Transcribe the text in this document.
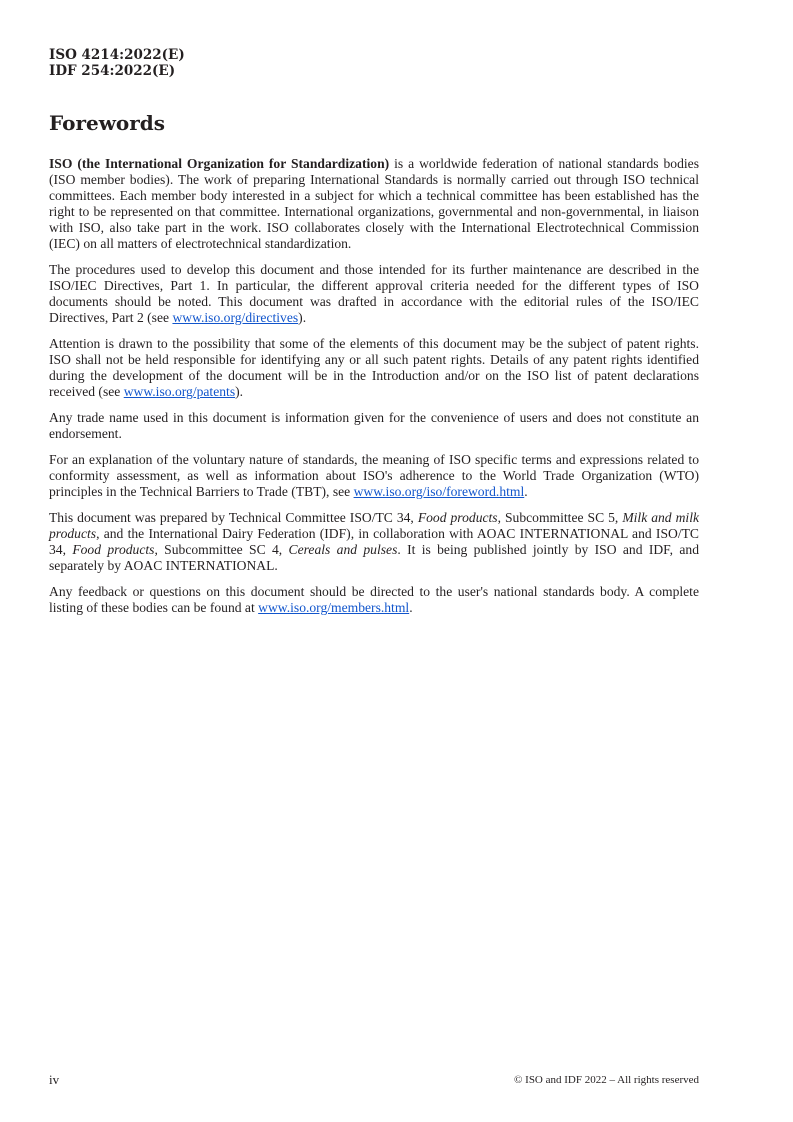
ISO 4214:2022(E)
IDF 254:2022(E)
Forewords

ISO (the International Organization for Standardization) is a worldwide federation of national standards bodies (ISO member bodies). The work of preparing International Standards is normally carried out through ISO technical committees. Each member body interested in a subject for which a technical committee has been established has the right to be represented on that committee. International organizations, governmental and non-governmental, in liaison with ISO, also take part in the work. ISO collaborates closely with the International Electrotechnical Commission (IEC) on all matters of electrotechnical standardization.

The procedures used to develop this document and those intended for its further maintenance are described in the ISO/IEC Directives, Part 1. In particular, the different approval criteria needed for the different types of ISO documents should be noted. This document was drafted in accordance with the editorial rules of the ISO/IEC Directives, Part 2 (see www.iso.org/directives).

Attention is drawn to the possibility that some of the elements of this document may be the subject of patent rights. ISO shall not be held responsible for identifying any or all such patent rights. Details of any patent rights identified during the development of the document will be in the Introduction and/or on the ISO list of patent declarations received (see www.iso.org/patents).

Any trade name used in this document is information given for the convenience of users and does not constitute an endorsement.

For an explanation of the voluntary nature of standards, the meaning of ISO specific terms and expressions related to conformity assessment, as well as information about ISO's adherence to the World Trade Organization (WTO) principles in the Technical Barriers to Trade (TBT), see www.iso.org/iso/foreword.html.

This document was prepared by Technical Committee ISO/TC 34, Food products, Subcommittee SC 5, Milk and milk products, and the International Dairy Federation (IDF), in collaboration with AOAC INTERNATIONAL and ISO/TC 34, Food products, Subcommittee SC 4, Cereals and pulses. It is being published jointly by ISO and IDF, and separately by AOAC INTERNATIONAL.

Any feedback or questions on this document should be directed to the user's national standards body. A complete listing of these bodies can be found at www.iso.org/members.html.

iv	© ISO and IDF 2022 – All rights reserved
